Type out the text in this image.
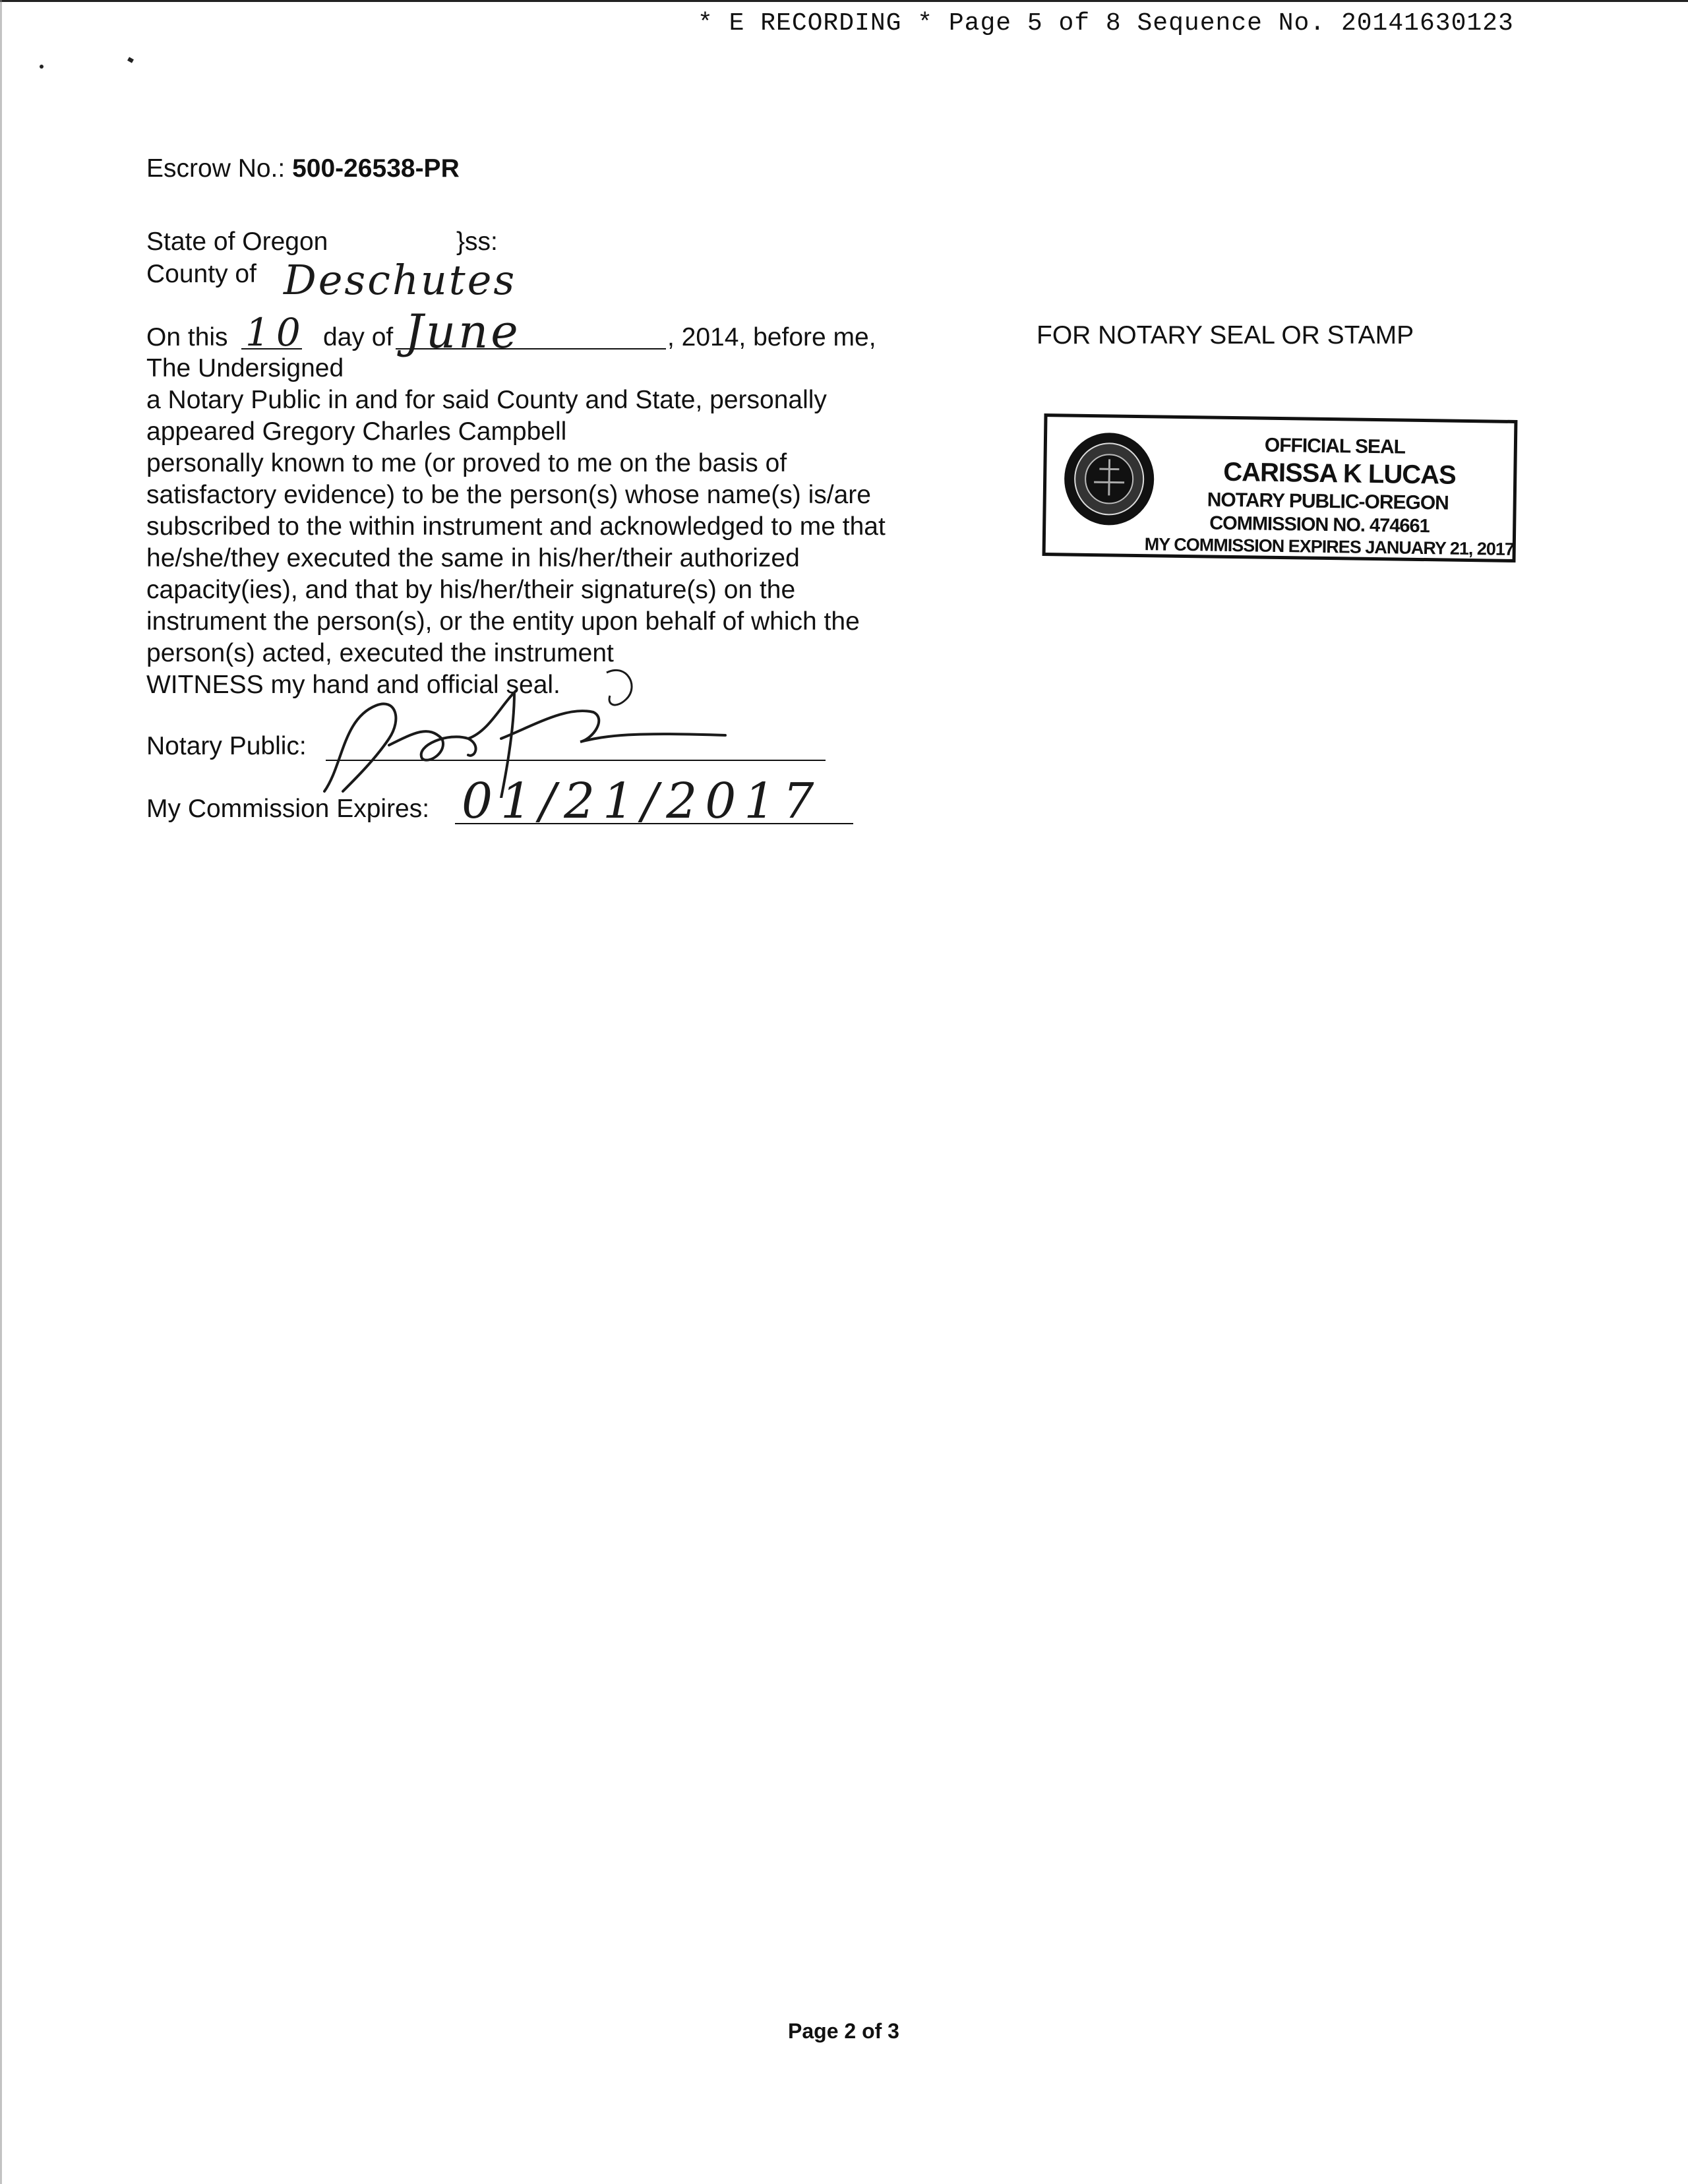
* E RECORDING * Page 5 of 8 Sequence No. 20141630123
Escrow No.: 500-26538-PR
State of Oregon	}ss:
County of Deschutes
On this 10 day of June	, 2014, before me,
The Undersigned
a Notary Public in and for said County and State, personally
appeared Gregory Charles Campbell
personally known to me (or proved to me on the basis of
satisfactory evidence) to be the person(s) whose name(s) is/are
subscribed to the within instrument and acknowledged to me that
he/she/they executed the same in his/her/their authorized
capacity(ies), and that by his/her/their signature(s) on the
instrument the person(s), or the entity upon behalf of which the
person(s) acted, executed the instrument
WITNESS my hand and official seal.
Notary Public:
My Commission Expires: 01/21/2017
FOR NOTARY SEAL OR STAMP
OFFICIAL SEAL
CARISSA K LUCAS
NOTARY PUBLIC-OREGON
COMMISSION NO. 474661
MY COMMISSION EXPIRES JANUARY 21, 2017
Page 2 of 3
